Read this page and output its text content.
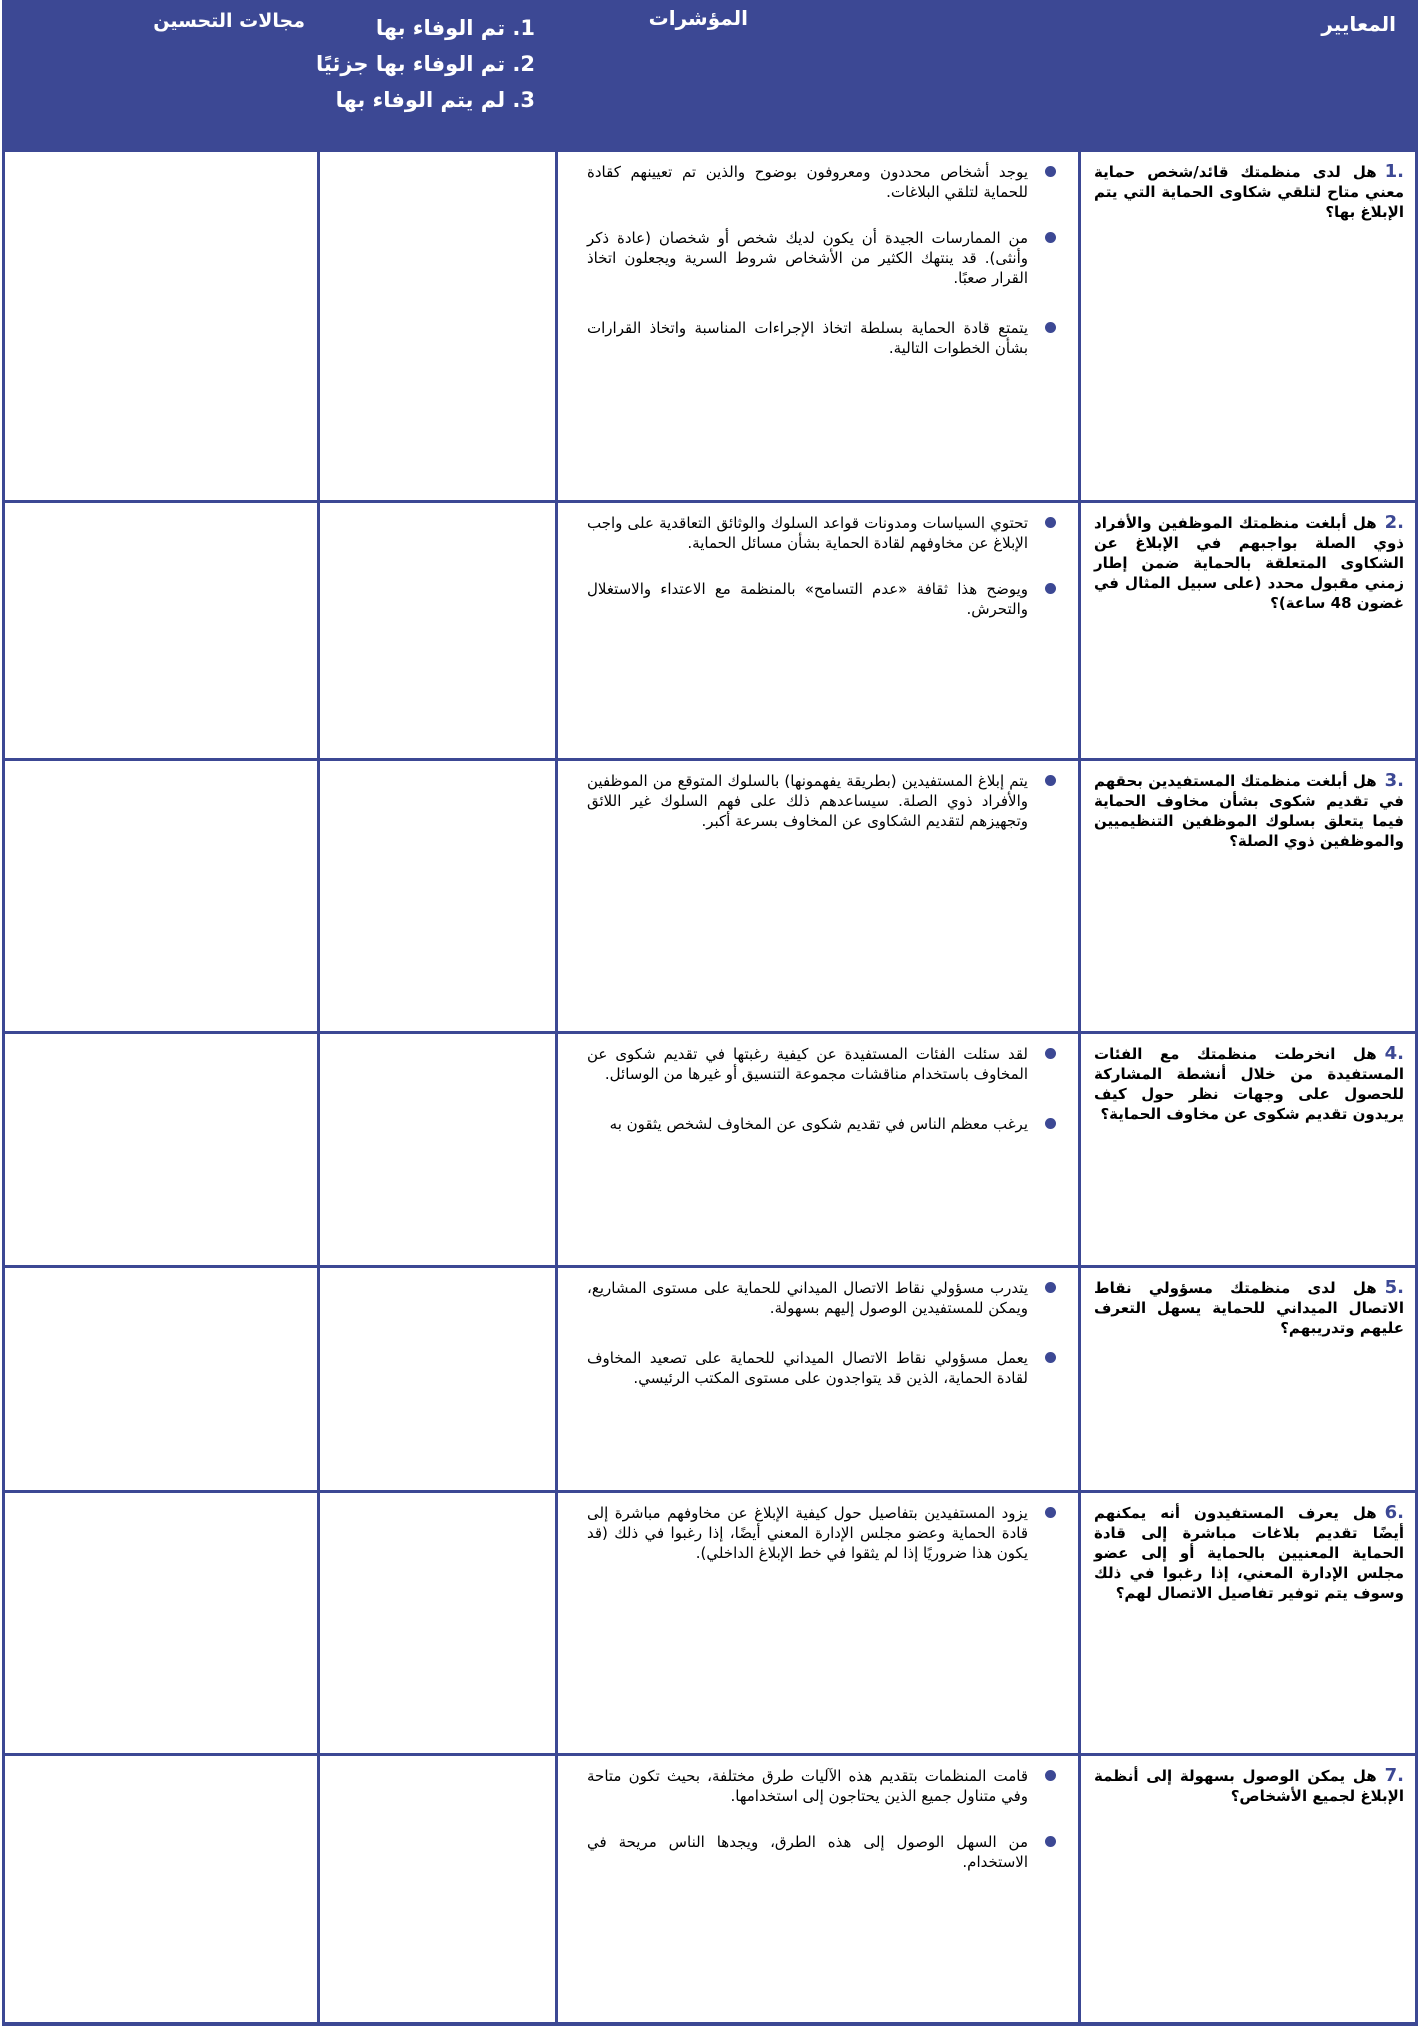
المعايير
المؤشرات
1. تم الوفاء بها
2. تم الوفاء بها جزئيًا
3. لم يتم الوفاء بها
مجالات التحسين
.1هل لدى منظمتك قائد/شخص حماية معني متاح لتلقي شكاوى الحماية التي يتم الإبلاغ بها؟
يوجد أشخاص محددون ومعروفون بوضوح والذين تم تعيينهم كقادة للحماية لتلقي البلاغات.
من الممارسات الجيدة أن يكون لديك شخص أو شخصان (عادة ذكر وأنثى). قد ينتهك الكثير من الأشخاص شروط السرية ويجعلون اتخاذ القرار صعبًا.
يتمتع قادة الحماية بسلطة اتخاذ الإجراءات المناسبة واتخاذ القرارات بشأن الخطوات التالية.
.2هل أبلغت منظمتك الموظفين والأفراد ذوي الصلة بواجبهم في الإبلاغ عن الشكاوى المتعلقة بالحماية ضمن إطار زمني مقبول محدد (على سبيل المثال في غضون 48 ساعة)؟
تحتوي السياسات ومدونات قواعد السلوك والوثائق التعاقدية على واجب الإبلاغ عن مخاوفهم لقادة الحماية بشأن مسائل الحماية.
ويوضح هذا ثقافة «عدم التسامح» بالمنظمة مع الاعتداء والاستغلال والتحرش.
.3هل أبلغت منظمتك المستفيدين بحقهم في تقديم شكوى بشأن مخاوف الحماية فيما يتعلق بسلوك الموظفين التنظيميين والموظفين ذوي الصلة؟
يتم إبلاغ المستفيدين (بطريقة يفهمونها) بالسلوك المتوقع من الموظفين والأفراد ذوي الصلة. سيساعدهم ذلك على فهم السلوك غير اللائق وتجهيزهم لتقديم الشكاوى عن المخاوف بسرعة أكبر.
.4هل انخرطت منظمتك مع الفئات المستفيدة من خلال أنشطة المشاركة للحصول على وجهات نظر حول كيف يريدون تقديم شكوى عن مخاوف الحماية؟
لقد سئلت الفئات المستفيدة عن كيفية رغبتها في تقديم شكوى عن المخاوف باستخدام مناقشات مجموعة التنسيق أو غيرها من الوسائل.
يرغب معظم الناس في تقديم شكوى عن المخاوف لشخص يثقون به
.5هل لدى منظمتك مسؤولي نقاط الاتصال الميداني للحماية يسهل التعرف عليهم وتدريبهم؟
يتدرب مسؤولي نقاط الاتصال الميداني للحماية على مستوى المشاريع، ويمكن للمستفيدين الوصول إليهم بسهولة.
يعمل مسؤولي نقاط الاتصال الميداني للحماية على تصعيد المخاوف لقادة الحماية، الذين قد يتواجدون على مستوى المكتب الرئيسي.
.6هل يعرف المستفيدون أنه يمكنهم أيضًا تقديم بلاغات مباشرة إلى قادة الحماية المعنيين بالحماية أو إلى عضو مجلس الإدارة المعني، إذا رغبوا في ذلك وسوف يتم توفير تفاصيل الاتصال لهم؟
يزود المستفيدين بتفاصيل حول كيفية الإبلاغ عن مخاوفهم مباشرة إلى قادة الحماية وعضو مجلس الإدارة المعني أيضًا، إذا رغبوا في ذلك (قد يكون هذا ضروريًا إذا لم يثقوا في خط الإبلاغ الداخلي).
.7هل يمكن الوصول بسهولة إلى أنظمة الإبلاغ لجميع الأشخاص؟
قامت المنظمات بتقديم هذه الآليات طرق مختلفة، بحيث تكون متاحة وفي متناول جميع الذين يحتاجون إلى استخدامها.
من السهل الوصول إلى هذه الطرق، ويجدها الناس مريحة في الاستخدام.
